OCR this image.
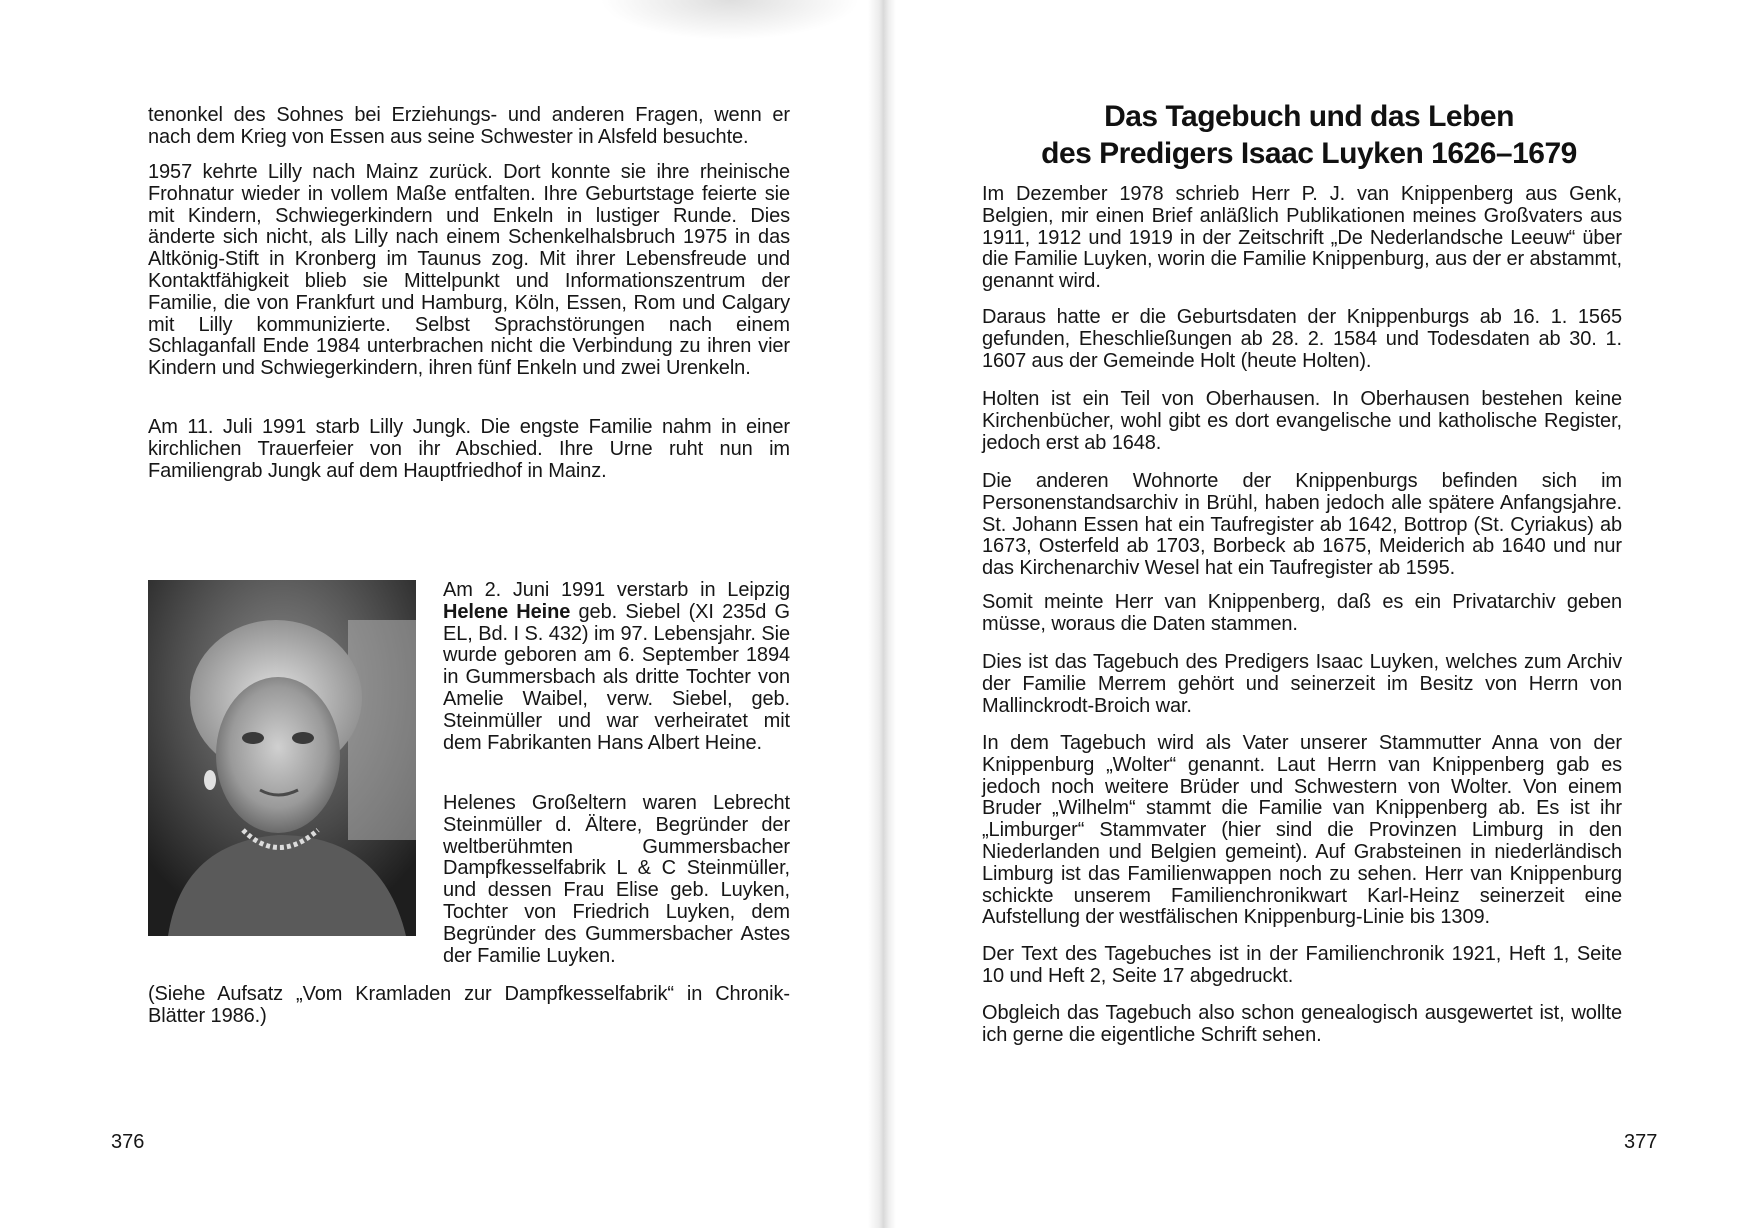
tenonkel des Sohnes bei Erziehungs- und anderen Fragen, wenn er nach dem Krieg von Essen aus seine Schwester in Alsfeld besuchte.

1957 kehrte Lilly nach Mainz zurück. Dort konnte sie ihre rheinische Frohnatur wieder in vollem Maße entfalten. Ihre Geburtstage feierte sie mit Kindern, Schwiegerkindern und Enkeln in lustiger Runde. Dies änderte sich nicht, als Lilly nach einem Schenkelhalsbruch 1975 in das Altkönig-Stift in Kronberg im Taunus zog. Mit ihrer Lebensfreude und Kontaktfähigkeit blieb sie Mittelpunkt und Informationszentrum der Familie, die von Frankfurt und Hamburg, Köln, Essen, Rom und Calgary mit Lilly kommunizierte. Selbst Sprachstörungen nach einem Schlaganfall Ende 1984 unterbrachen nicht die Verbindung zu ihren vier Kindern und Schwiegerkindern, ihren fünf Enkeln und zwei Urenkeln.

Am 11. Juli 1991 starb Lilly Jungk. Die engste Familie nahm in einer kirchlichen Trauerfeier von ihr Abschied. Ihre Urne ruht nun im Familiengrab Jungk auf dem Hauptfriedhof in Mainz.

Am 2. Juni 1991 verstarb in Leipzig Helene Heine geb. Siebel (XI 235d G EL, Bd. I S. 432) im 97. Lebensjahr. Sie wurde geboren am 6. September 1894 in Gummersbach als dritte Tochter von Amelie Waibel, verw. Siebel, geb. Steinmüller und war verheiratet mit dem Fabrikanten Hans Albert Heine.

Helenes Großeltern waren Lebrecht Steinmüller d. Ältere, Begründer der weltberühmten Gummersbacher Dampfkesselfabrik L & C Steinmüller, und dessen Frau Elise geb. Luyken, Tochter von Friedrich Luyken, dem Begründer des Gummersbacher Astes der Familie Luyken.

(Siehe Aufsatz „Vom Kramladen zur Dampfkesselfabrik“ in Chronik-Blätter 1986.)

376
Das Tagebuch und das Leben
des Predigers Isaac Luyken 1626–1679

Im Dezember 1978 schrieb Herr P. J. van Knippenberg aus Genk, Belgien, mir einen Brief anläßlich Publikationen meines Großvaters aus 1911, 1912 und 1919 in der Zeitschrift „De Nederlandsche Leeuw“ über die Familie Luyken, worin die Familie Knippenburg, aus der er abstammt, genannt wird.

Daraus hatte er die Geburtsdaten der Knippenburgs ab 16. 1. 1565 gefunden, Eheschließungen ab 28. 2. 1584 und Todesdaten ab 30. 1. 1607 aus der Gemeinde Holt (heute Holten).

Holten ist ein Teil von Oberhausen. In Oberhausen bestehen keine Kirchenbücher, wohl gibt es dort evangelische und katholische Register, jedoch erst ab 1648.

Die anderen Wohnorte der Knippenburgs befinden sich im Personenstandsarchiv in Brühl, haben jedoch alle spätere Anfangsjahre. St. Johann Essen hat ein Taufregister ab 1642, Bottrop (St. Cyriakus) ab 1673, Osterfeld ab 1703, Borbeck ab 1675, Meiderich ab 1640 und nur das Kirchenarchiv Wesel hat ein Taufregister ab 1595.

Somit meinte Herr van Knippenberg, daß es ein Privatarchiv geben müsse, woraus die Daten stammen.

Dies ist das Tagebuch des Predigers Isaac Luyken, welches zum Archiv der Familie Merrem gehört und seinerzeit im Besitz von Herrn von Mallinckrodt-Broich war.

In dem Tagebuch wird als Vater unserer Stammutter Anna von der Knippenburg „Wolter“ genannt. Laut Herrn van Knippenberg gab es jedoch noch weitere Brüder und Schwestern von Wolter. Von einem Bruder „Wilhelm“ stammt die Familie van Knippenberg ab. Es ist ihr „Limburger“ Stammvater (hier sind die Provinzen Limburg in den Niederlanden und Belgien gemeint). Auf Grabsteinen in niederländisch Limburg ist das Familienwappen noch zu sehen. Herr van Knippenburg schickte unserem Familienchronikwart Karl-Heinz seinerzeit eine Aufstellung der westfälischen Knippenburg-Linie bis 1309.

Der Text des Tagebuches ist in der Familienchronik 1921, Heft 1, Seite 10 und Heft 2, Seite 17 abgedruckt.

Obgleich das Tagebuch also schon genealogisch ausgewertet ist, wollte ich gerne die eigentliche Schrift sehen.

377
